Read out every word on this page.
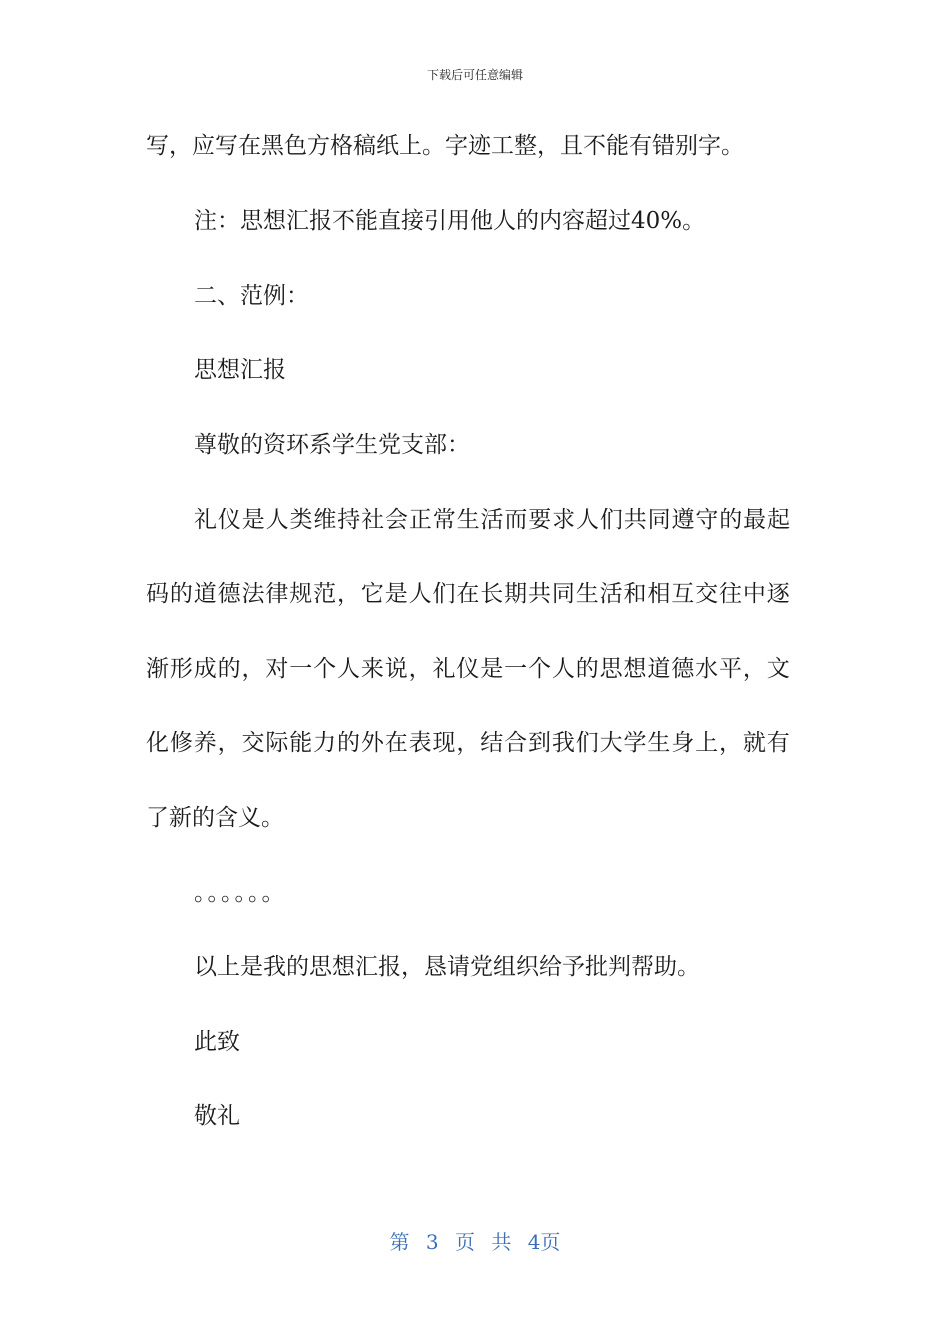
下载后可任意编辑
写，应写在黑色方格稿纸上。字迹工整，且不能有错别字。
注：思想汇报不能直接引用他人的内容超过40%。
二、范例：
思想汇报
尊敬的资环系学生党支部：
礼 仪 是 人 类 维 持 社 会 正 常 生 活 而 要 求 人 们 共 同 遵 守 的 最 起
码 的 道 德 法 律 规 范 ， 它 是 人 们 在 长 期 共 同 生 活 和 相 互 交 往 中 逐
渐 形 成 的 ， 对 一 个 人 来 说 ， 礼 仪 是 一 个 人 的 思 想 道 德 水 平 ， 文
化 修 养 ， 交 际 能 力 的 外 在 表 现 ， 结 合 到 我 们 大 学 生 身 上 ， 就 有
了新的含义。
。。。。。。
以上是我的思想汇报，恳请党组织给予批判帮助。
此致
敬礼
第 3 页 共 4页
